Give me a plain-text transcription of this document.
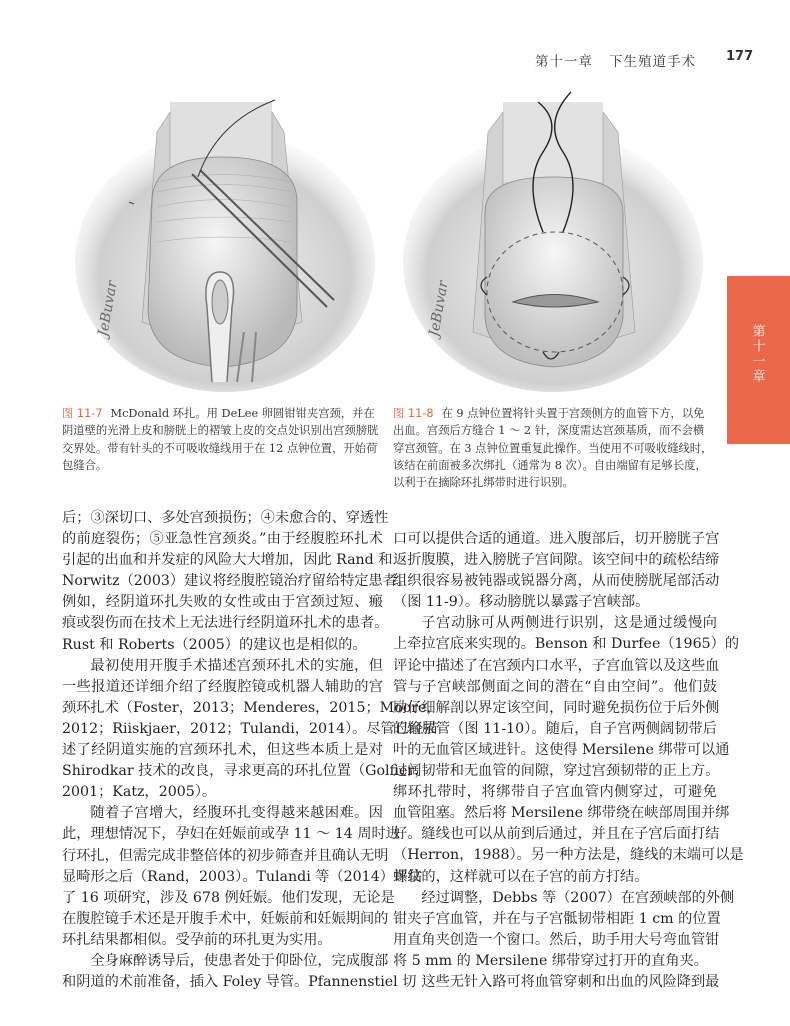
第十一章 下生殖道手术 177
第十一章
JeBuvar	JeBuvar
图 11-7 McDonald 环扎。用 DeLee 卵圆钳钳夹宫颈，并在阴道壁的光滑上皮和膀胱上的褶皱上皮的交点处识别出宫颈膀胱交界处。带有针头的不可吸收缝线用于在 12 点钟位置，开始荷包缝合。
图 11-8 在 9 点钟位置将针头置于宫颈侧方的血管下方，以免出血。宫颈后方缝合 1 ～ 2 针，深度需达宫颈基质，而不会横穿宫颈管。在 3 点钟位置重复此操作。当使用不可吸收缝线时，该结在前面被多次绑扎（通常为 8 次）。自由端留有足够长度，以利于在摘除环扎绑带时进行识别。
后；③深切口、多处宫颈损伤；④未愈合的、穿透性
的前庭裂伤；⑤亚急性宫颈炎。”由于经腹腔环扎术
引起的出血和并发症的风险大大增加，因此 Rand 和
Norwitz（2003）建议将经腹腔镜治疗留给特定患者。
例如，经阴道环扎失败的女性或由于宫颈过短、瘢
痕或裂伤而在技术上无法进行经阴道环扎术的患者。
Rust 和 Roberts（2005）的建议也是相似的。
最初使用开腹手术描述宫颈环扎术的实施，但
一些报道还详细介绍了经腹腔镜或机器人辅助的宫
颈环扎术（Foster，2013；Menderes，2015；Moore，
2012；Riiskjaer，2012；Tulandi，2014）。尽管已经描
述了经阴道实施的宫颈环扎术，但这些本质上是对
Shirodkar 技术的改良，寻求更高的环扎位置（Golfier，
2001；Katz，2005）。
随着子宫增大，经腹环扎变得越来越困难。因
此，理想情况下，孕妇在妊娠前或孕 11 ～ 14 周时进
行环扎，但需完成非整倍体的初步筛查并且确认无明
显畸形之后（Rand，2003）。Tulandi 等（2014）评估
了 16 项研究，涉及 678 例妊娠。他们发现，无论是
在腹腔镜手术还是开腹手术中，妊娠前和妊娠期间的
环扎结果都相似。受孕前的环扎更为实用。
全身麻醉诱导后，使患者处于仰卧位，完成腹部
和阴道的术前准备，插入 Foley 导管。Pfannenstiel 切
口可以提供合适的通道。进入腹部后，切开膀胱子宫
返折腹膜，进入膀胱子宫间隙。该空间中的疏松结缔
组织很容易被钝器或锐器分离，从而使膀胱尾部活动
（图 11-9）。移动膀胱以暴露子宫峡部。
子宫动脉可从两侧进行识别，这是通过缓慢向
上牵拉宫底来实现的。Benson 和 Durfee（1965）的
评论中描述了在宫颈内口水平，子宫血管以及这些血
管与子宫峡部侧面之间的潜在“自由空间”。他们鼓
励仔细解剖以界定该空间，同时避免损伤位于后外侧
的输尿管（图 11-10）。随后，自子宫两侧阔韧带后
叶的无血管区域进针。这使得 Mersilene 绑带可以通
过阔韧带和无血管的间隙，穿过宫颈韧带的正上方。
绑环扎带时，将绑带自子宫血管内侧穿过，可避免
血管阻塞。然后将 Mersilene 绑带绕在峡部周围并绑
好。缝线也可以从前到后通过，并且在子宫后面打结
（Herron，1988）。另一种方法是，缝线的末端可以是
螺纹的，这样就可以在子宫的前方打结。
经过调整，Debbs 等（2007）在宫颈峡部的外侧
钳夹子宫血管，并在与子宫骶韧带相距 1 cm 的位置
用直角夹创造一个窗口。然后，助手用大号弯血管钳
将 5 mm 的 Mersilene 绑带穿过打开的直角夹。
这些无针入路可将血管穿刺和出血的风险降到最
